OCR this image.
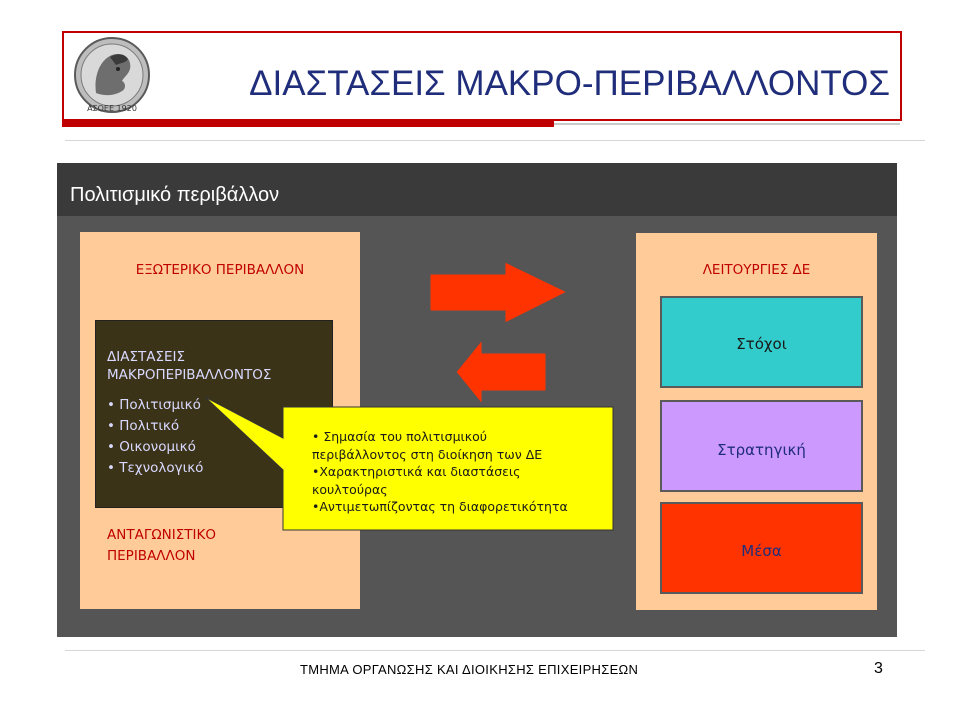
ΑΣΟΕΕ 1920
ΔΙΑΣΤΑΣΕΙΣ ΜΑΚΡΟ-ΠΕΡΙΒΑΛΛΟΝΤΟΣ
Πολιτισμικό περιβάλλον
ΕΞΩΤΕΡΙΚΟ ΠΕΡΙΒΑΛΛΟΝ
ΔΙΑΣΤΑΣΕΙΣ
ΜΑΚΡΟΠΕΡΙΒΑΛΛΟΝΤΟΣ
• Πολιτισμικό
• Πολιτικό
• Οικονομικό
• Τεχνολογικό
ΑΝΤΑΓΩΝΙΣΤΙΚΟ
ΠΕΡΙΒΑΛΛΟΝ
ΛΕΙΤΟΥΡΓΙΕΣ ΔΕ
Στόχοι
Στρατηγική
Μέσα
• Σημασία του πολιτισμικού
περιβάλλοντος στη διοίκηση των ΔΕ
•Χαρακτηριστικά και διαστάσεις
κουλτούρας
•Αντιμετωπίζοντας τη διαφορετικότητα
ΤΜΗΜΑ ΟΡΓΑΝΩΣΗΣ ΚΑΙ ΔΙΟΙΚΗΣΗΣ ΕΠΙΧΕΙΡΗΣΕΩΝ	3
